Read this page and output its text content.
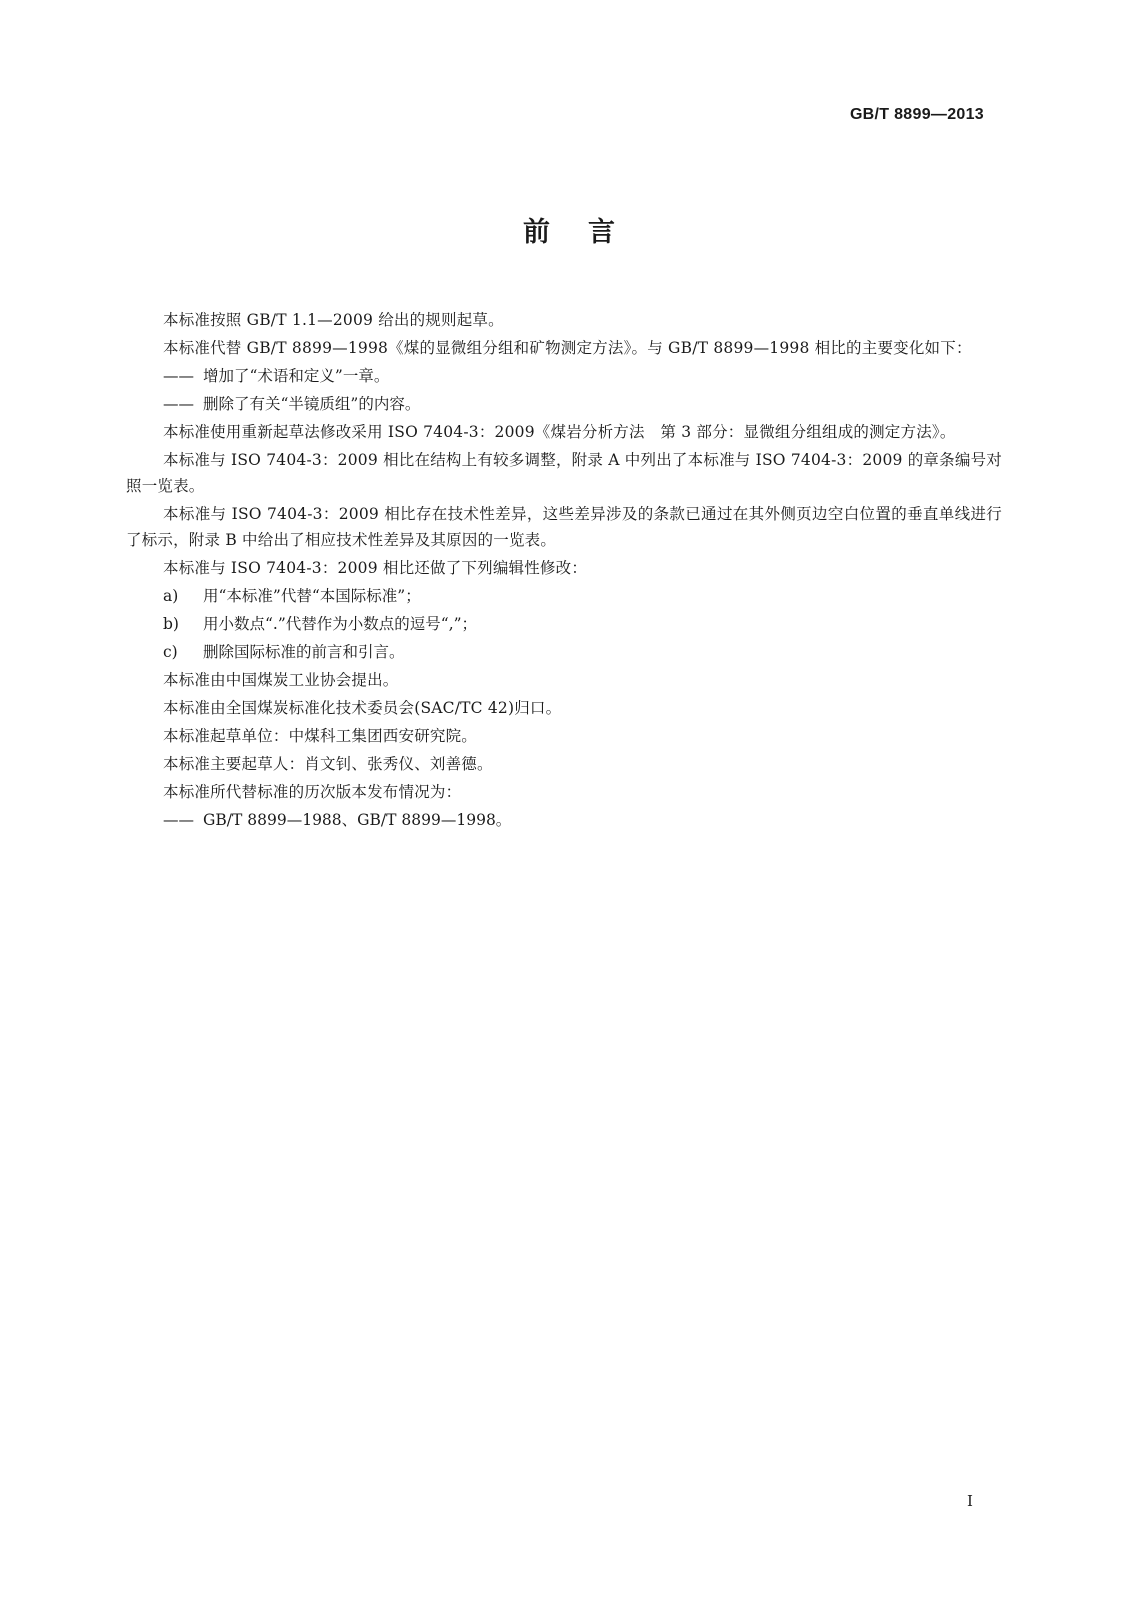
GB/T 8899—2013
前言

本标准按照 GB/T 1.1—2009 给出的规则起草。

本标准代替 GB/T 8899—1998《煤的显微组分组和矿物测定方法》。与 GB/T 8899—1998 相比的主要变化如下：

—— 增加了“术语和定义”一章。
—— 删除了有关“半镜质组”的内容。

本标准使用重新起草法修改采用 ISO 7404-3：2009《煤岩分析方法　第 3 部分：显微组分组组成的测定方法》。

本标准与 ISO 7404-3：2009 相比在结构上有较多调整，附录 A 中列出了本标准与 ISO 7404-3：2009 的章条编号对照一览表。

本标准与 ISO 7404-3：2009 相比存在技术性差异，这些差异涉及的条款已通过在其外侧页边空白位置的垂直单线进行了标示，附录 B 中给出了相应技术性差异及其原因的一览表。

本标准与 ISO 7404-3：2009 相比还做了下列编辑性修改：

a) 用“本标准”代替“本国际标准”；
b) 用小数点“.”代替作为小数点的逗号“,”；
c) 删除国际标准的前言和引言。

本标准由中国煤炭工业协会提出。

本标准由全国煤炭标准化技术委员会(SAC/TC 42)归口。

本标准起草单位：中煤科工集团西安研究院。

本标准主要起草人：肖文钊、张秀仪、刘善德。

本标准所代替标准的历次版本发布情况为：

—— GB/T 8899—1988、GB/T 8899—1998。
I
